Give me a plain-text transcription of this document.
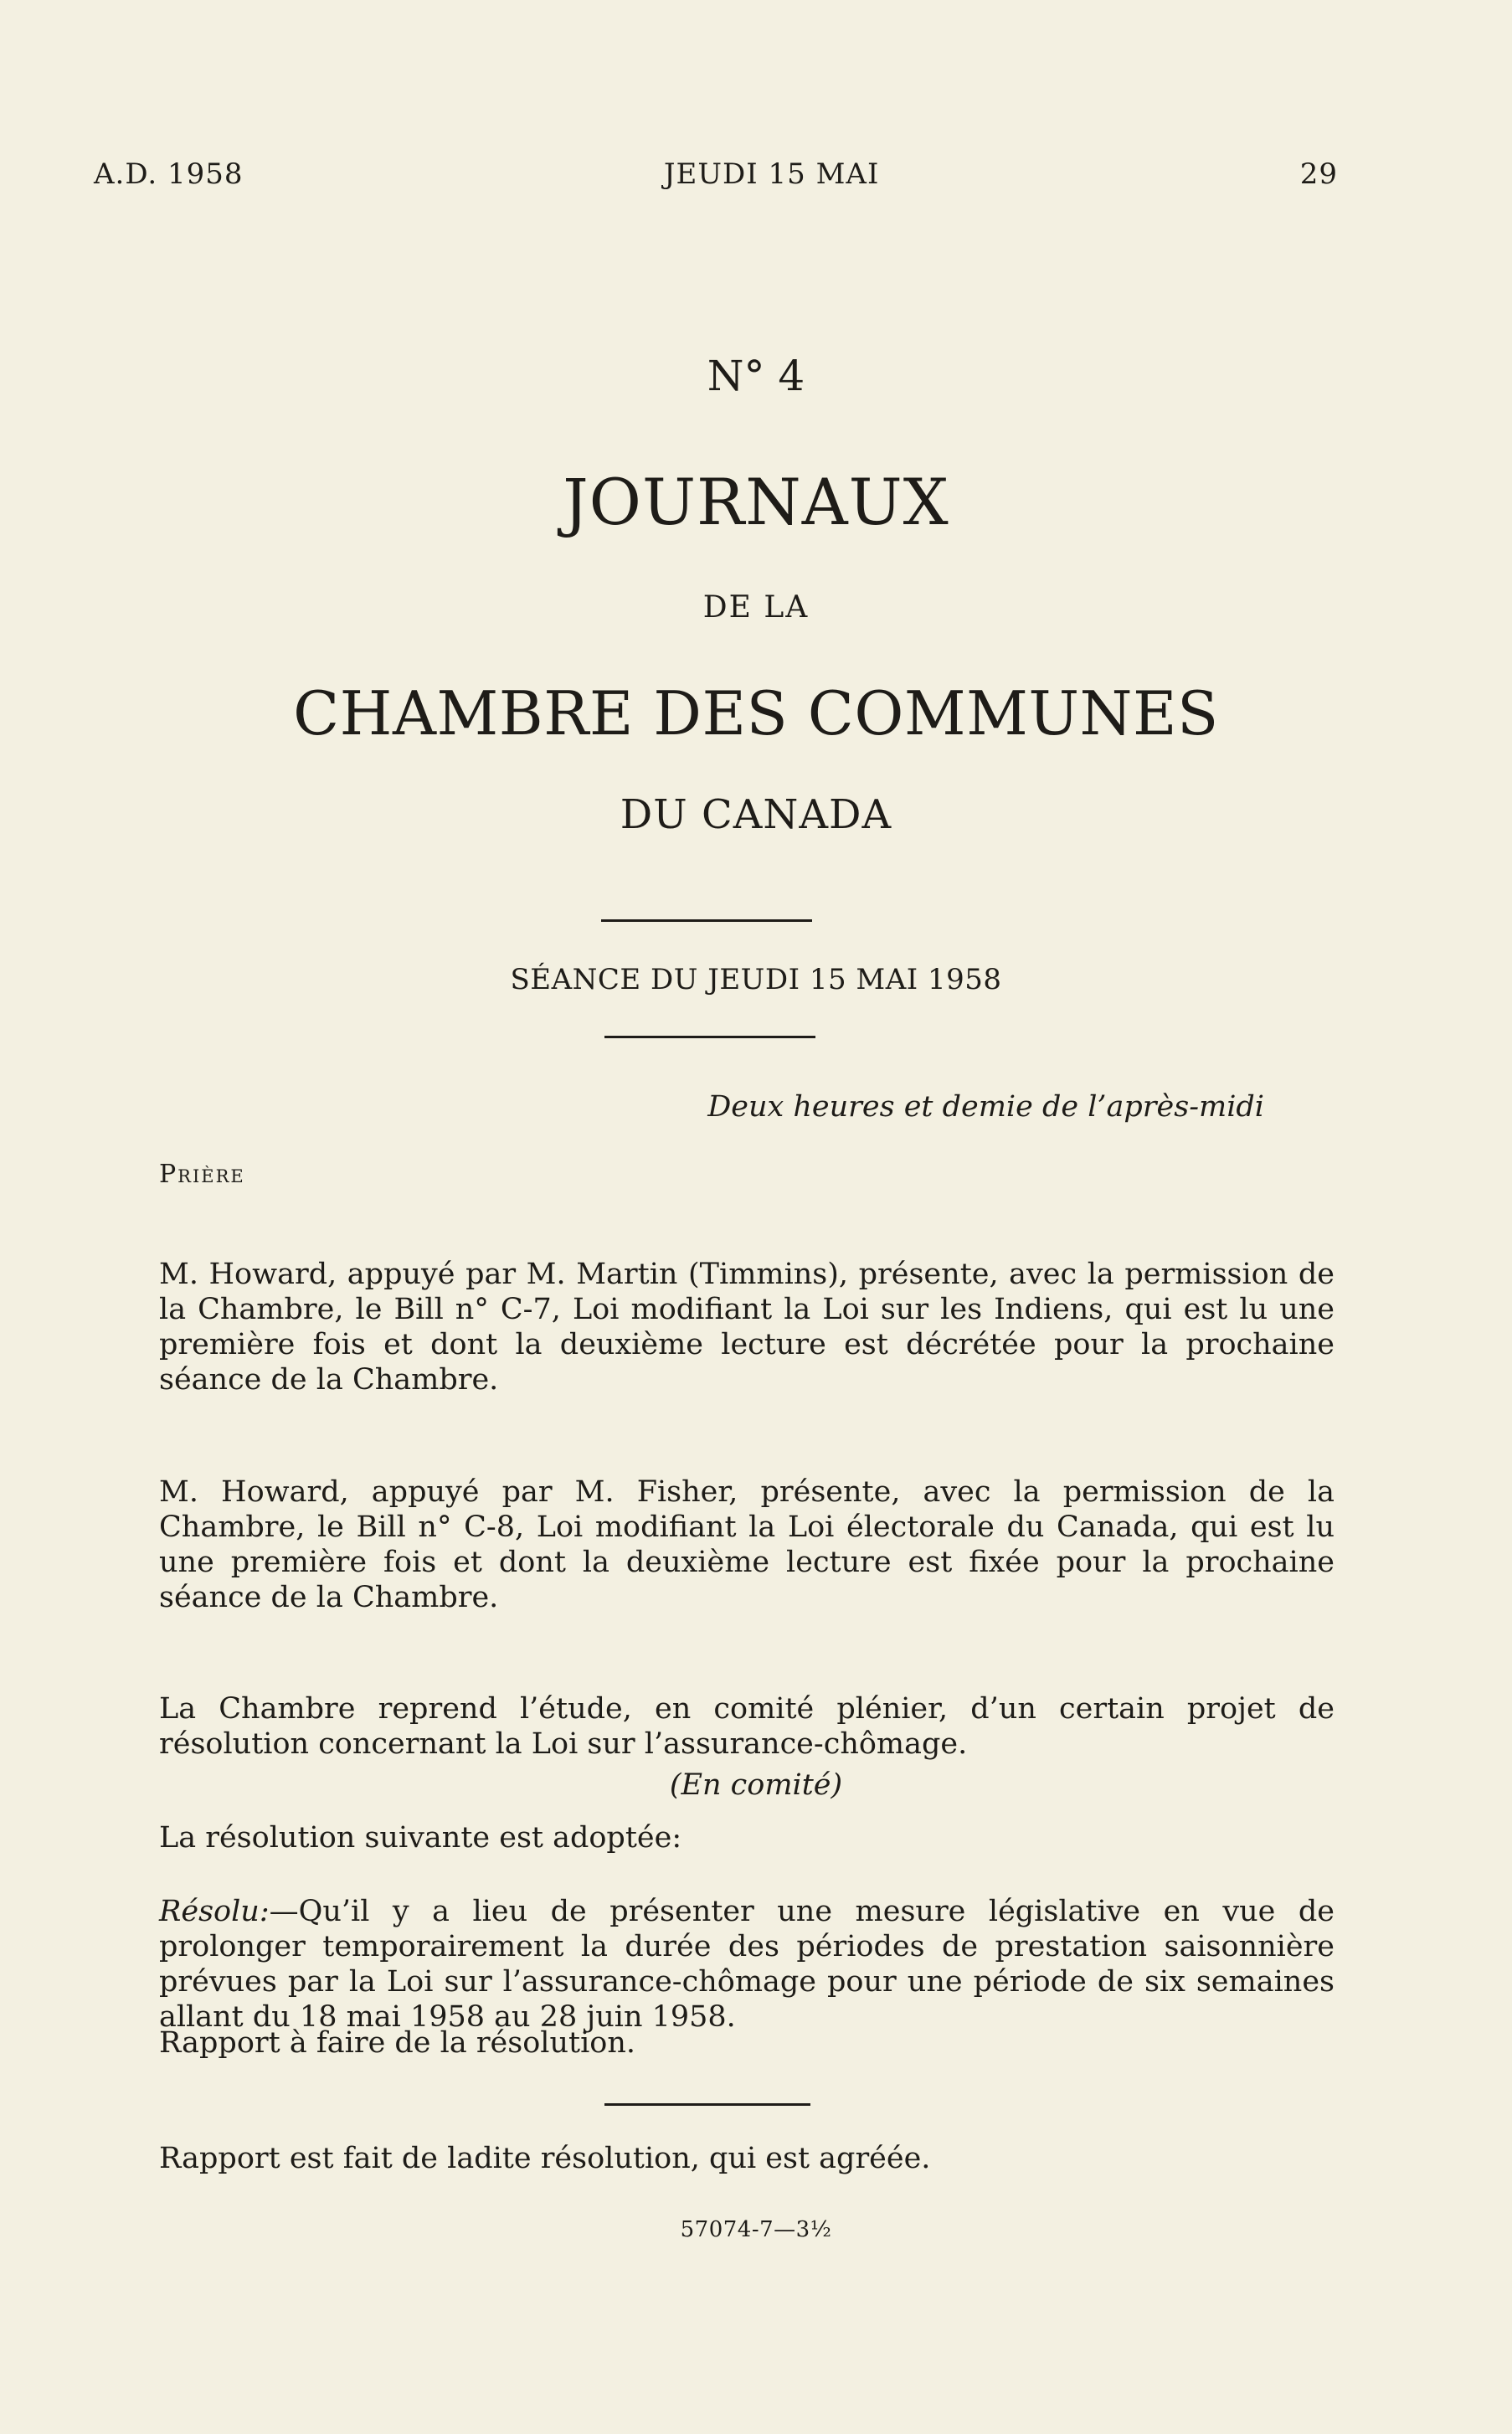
A.D. 1958	JEUDI 15 MAI	29
N° 4
JOURNAUX
DE LA
CHAMBRE DES COMMUNES
DU CANADA
SÉANCE DU JEUDI 15 MAI 1958
Deux heures et demie de l’après-midi
Prière

M. Howard, appuyé par M. Martin (Timmins), présente, avec la permission de la Chambre, le Bill n° C-7, Loi modifiant la Loi sur les Indiens, qui est lu une première fois et dont la deuxième lecture est décrétée pour la prochaine séance de la Chambre.

M. Howard, appuyé par M. Fisher, présente, avec la permission de la Chambre, le Bill n° C-8, Loi modifiant la Loi électorale du Canada, qui est lu une première fois et dont la deuxième lecture est fixée pour la prochaine séance de la Chambre.

La Chambre reprend l’étude, en comité plénier, d’un certain projet de résolution concernant la Loi sur l’assurance-chômage.

(En comité)
La résolution suivante est adoptée:

Résolu:—Qu’il y a lieu de présenter une mesure législative en vue de prolonger temporairement la durée des périodes de prestation saisonnière prévues par la Loi sur l’assurance-chômage pour une période de six semaines allant du 18 mai 1958 au 28 juin 1958.

Rapport à faire de la résolution.
Rapport est fait de ladite résolution, qui est agréée.
57074-7—3½
